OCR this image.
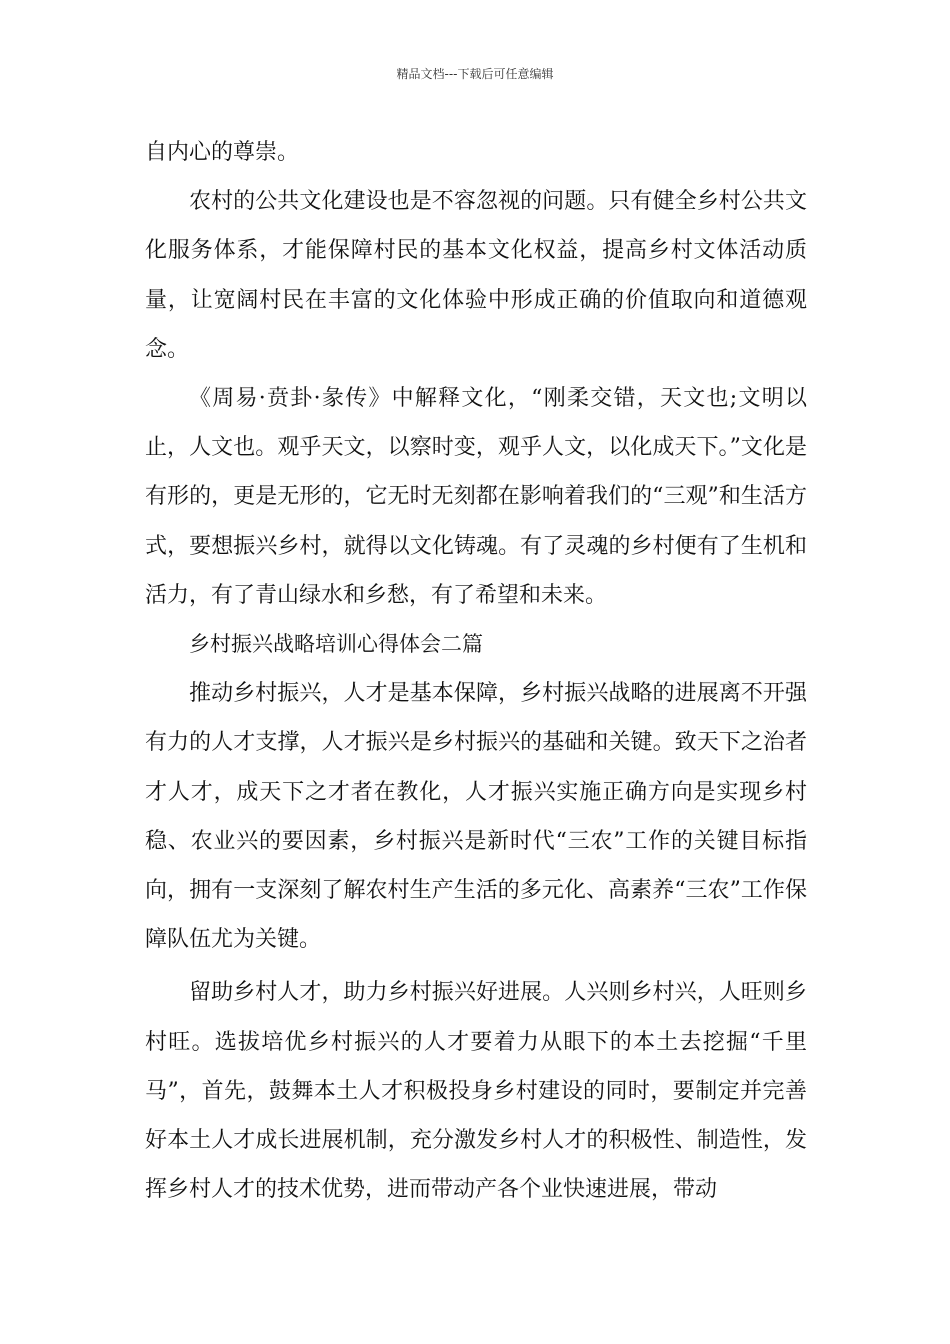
精品文档---下载后可任意编辑

自内心的尊崇。

农村的公共文化建设也是不容忽视的问题。只有健全乡村公共文化服务体系，才能保障村民的基本文化权益，提高乡村文体活动质量，让宽阔村民在丰富的文化体验中形成正确的价值取向和道德观念。

《周易·贲卦·彖传》中解释文化，“刚柔交错，天文也;文明以止，人文也。观乎天文，以察时变，观乎人文，以化成天下。”文化是有形的，更是无形的，它无时无刻都在影响着我们的“三观”和生活方式，要想振兴乡村，就得以文化铸魂。有了灵魂的乡村便有了生机和活力，有了青山绿水和乡愁，有了希望和未来。

乡村振兴战略培训心得体会二篇

推动乡村振兴，人才是基本保障，乡村振兴战略的进展离不开强有力的人才支撑，人才振兴是乡村振兴的基础和关键。致天下之治者才人才，成天下之才者在教化，人才振兴实施正确方向是实现乡村稳、农业兴的要因素，乡村振兴是新时代“三农”工作的关键目标指向，拥有一支深刻了解农村生产生活的多元化、高素养“三农”工作保障队伍尤为关键。

留助乡村人才，助力乡村振兴好进展。人兴则乡村兴，人旺则乡村旺。选拔培优乡村振兴的人才要着力从眼下的本土去挖掘“千里马”，首先，鼓舞本土人才积极投身乡村建设的同时，要制定并完善好本土人才成长进展机制，充分激发乡村人才的积极性、制造性，发挥乡村人才的技术优势，进而带动产各个业快速进展，带动
